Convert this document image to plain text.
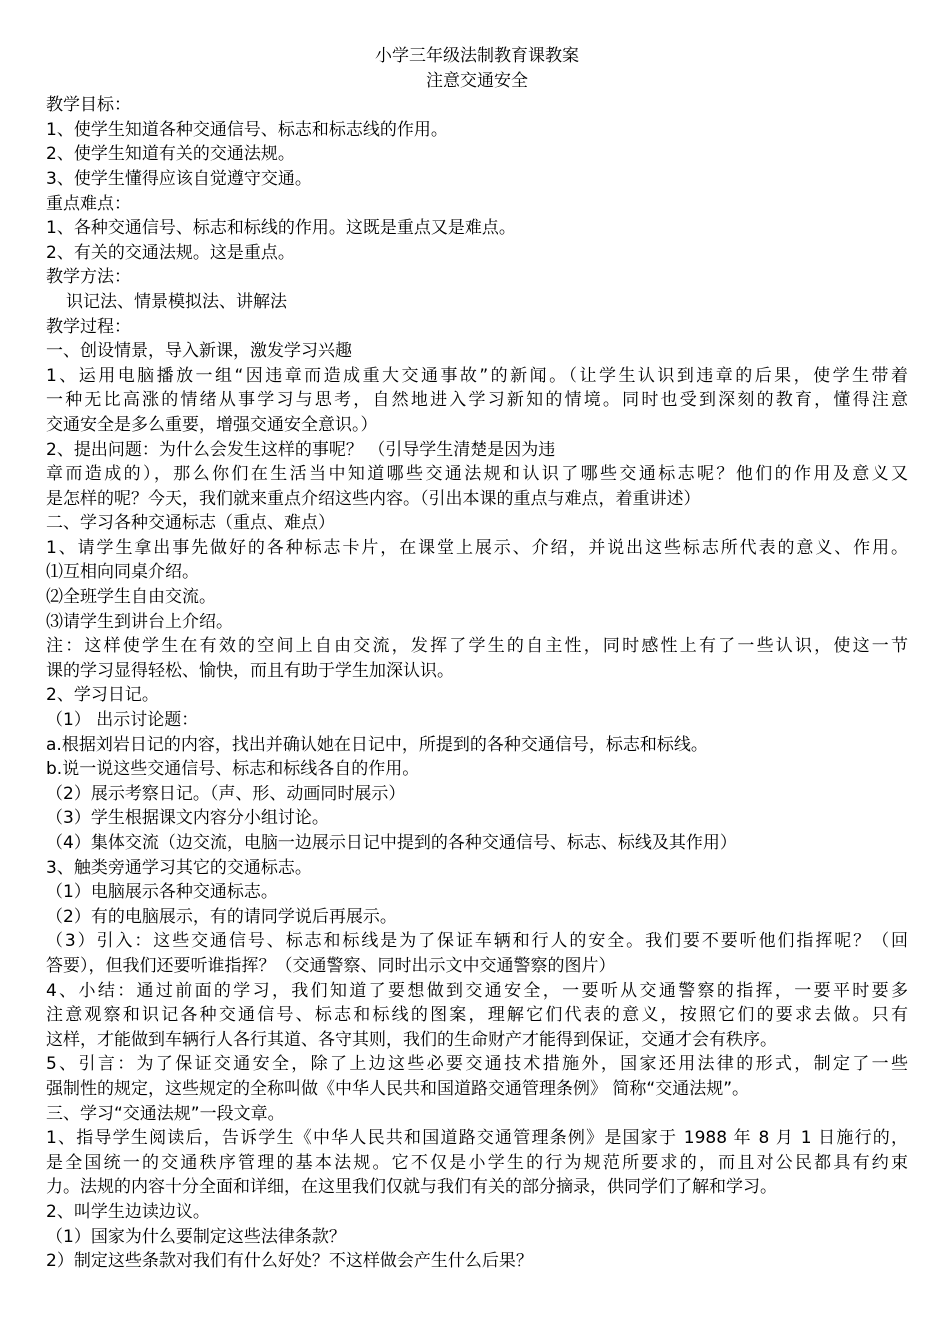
小学三年级法制教育课教案
注意交通安全
教学目标：
1、使学生知道各种交通信号、标志和标志线的作用。
2、使学生知道有关的交通法规。
3、使学生懂得应该自觉遵守交通。
重点难点：
1、各种交通信号、标志和标线的作用。这既是重点又是难点。
2、有关的交通法规。这是重点。
教学方法：
识记法、情景模拟法、讲解法
教学过程：
一、创设情景，导入新课，激发学习兴趣
1、运用电脑播放一组“因违章而造成重大交通事故”的新闻。（让学生认识到违章的后果，使学生带着
一种无比高涨的情绪从事学习与思考，自然地进入学习新知的情境。同时也受到深刻的教育，懂得注意
交通安全是多么重要，增强交通安全意识。）
2、提出问题：为什么会发生这样的事呢？ （引导学生清楚是因为违
章而造成的），那么你们在生活当中知道哪些交通法规和认识了哪些交通标志呢？他们的作用及意义又
是怎样的呢？今天，我们就来重点介绍这些内容。（引出本课的重点与难点，着重讲述）
二、学习各种交通标志（重点、难点）
1、请学生拿出事先做好的各种标志卡片，在课堂上展示、介绍，并说出这些标志所代表的意义、作用。
⑴互相向同桌介绍。
⑵全班学生自由交流。
⑶请学生到讲台上介绍。
注：这样使学生在有效的空间上自由交流，发挥了学生的自主性，同时感性上有了一些认识，使这一节
课的学习显得轻松、愉快，而且有助于学生加深认识。
2、学习日记。
（1） 出示讨论题：
a.根据刘岩日记的内容，找出并确认她在日记中，所提到的各种交通信号，标志和标线。
b.说一说这些交通信号、标志和标线各自的作用。
（2）展示考察日记。（声、形、动画同时展示）
（3）学生根据课文内容分小组讨论。
（4）集体交流（边交流，电脑一边展示日记中提到的各种交通信号、标志、标线及其作用）
3、触类旁通学习其它的交通标志。
（1）电脑展示各种交通标志。
（2）有的电脑展示，有的请同学说后再展示。
（3）引入：这些交通信号、标志和标线是为了保证车辆和行人的安全。我们要不要听他们指挥呢？（回
答要），但我们还要听谁指挥？（交通警察、同时出示文中交通警察的图片）
4、小结：通过前面的学习，我们知道了要想做到交通安全，一要听从交通警察的指挥，一要平时要多
注意观察和识记各种交通信号、标志和标线的图案，理解它们代表的意义，按照它们的要求去做。只有
这样，才能做到车辆行人各行其道、各守其则，我们的生命财产才能得到保证，交通才会有秩序。
5、引言：为了保证交通安全，除了上边这些必要交通技术措施外，国家还用法律的形式，制定了一些
强制性的规定，这些规定的全称叫做《中华人民共和国道路交通管理条例》 简称“交通法规”。
三、学习“交通法规”一段文章。
1、指导学生阅读后，告诉学生《中华人民共和国道路交通管理条例》是国家于 1988 年 8 月 1 日施行的，
是全国统一的交通秩序管理的基本法规。它不仅是小学生的行为规范所要求的，而且对公民都具有约束
力。法规的内容十分全面和详细，在这里我们仅就与我们有关的部分摘录，供同学们了解和学习。
2、叫学生边读边议。
（1）国家为什么要制定这些法律条款？
2）制定这些条款对我们有什么好处？不这样做会产生什么后果？
